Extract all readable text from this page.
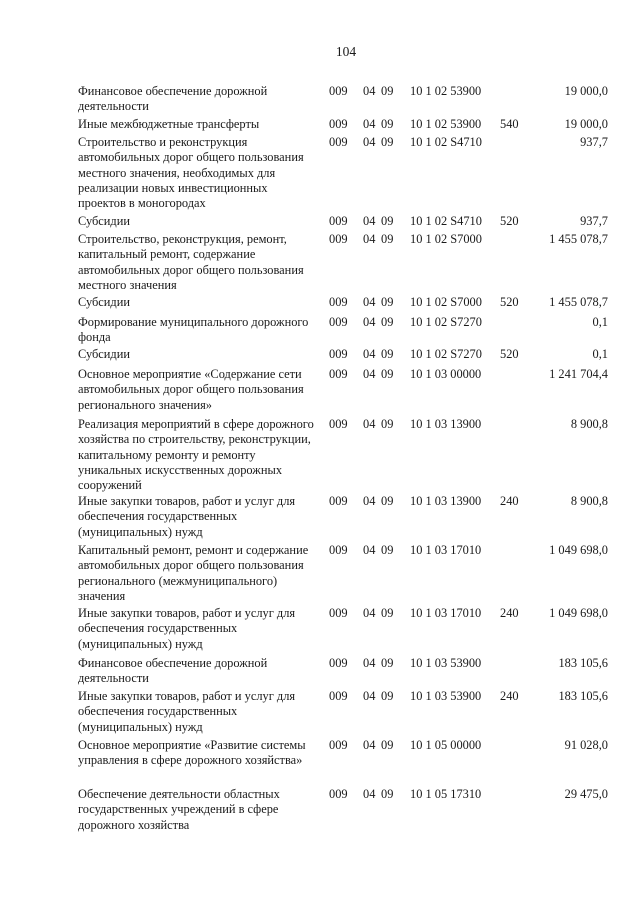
104
Финансовое обеспечение дорожной деятельности
009 04 09 10 1 02 53900	19 000,0
Иные межбюджетные трансферты	009 04 09 10 1 02 53900 540	19 000,0
Строительство и реконструкция автомобильных дорог общего пользования местного значения, необходимых для реализации новых инвестиционных проектов в моногородах
009 04 09 10 1 02 S4710	937,7
Субсидии	009 04 09 10 1 02 S4710 520	937,7
Строительство, реконструкция, ремонт, капитальный ремонт, содержание автомобильных дорог общего пользования местного значения
009 04 09 10 1 02 S7000	1 455 078,7
Субсидии	009 04 09 10 1 02 S7000 520 1 455 078,7
Формирование муниципального дорожного фонда
009 04 09 10 1 02 S7270	0,1
Субсидии	009 04 09 10 1 02 S7270 520	0,1
Основное мероприятие «Содержание сети автомобильных дорог общего пользования регионального значения»
009 04 09 10 1 03 00000	1 241 704,4
Реализация мероприятий в сфере дорожного хозяйства по строительству, реконструкции, капитальному ремонту и ремонту уникальных искусственных дорожных сооружений
009 04 09 10 1 03 13900	8 900,8
Иные закупки товаров, работ и услуг для обеспечения государственных (муниципальных) нужд
009 04 09 10 1 03 13900 240	8 900,8
Капитальный ремонт, ремонт и содержание автомобильных дорог общего пользования регионального (межмуниципального) значения
009 04 09 10 1 03 17010	1 049 698,0
Иные закупки товаров, работ и услуг для обеспечения государственных (муниципальных) нужд
009 04 09 10 1 03 17010 240 1 049 698,0
Финансовое обеспечение дорожной деятельности
009 04 09 10 1 03 53900	183 105,6
Иные закупки товаров, работ и услуг для обеспечения государственных (муниципальных) нужд
009 04 09 10 1 03 53900 240	183 105,6
Основное мероприятие «Развитие системы управления в сфере дорожного хозяйства»
009 04 09 10 1 05 00000	91 028,0
Обеспечение деятельности областных государственных учреждений в сфере дорожного хозяйства
009 04 09 10 1 05 17310	29 475,0
